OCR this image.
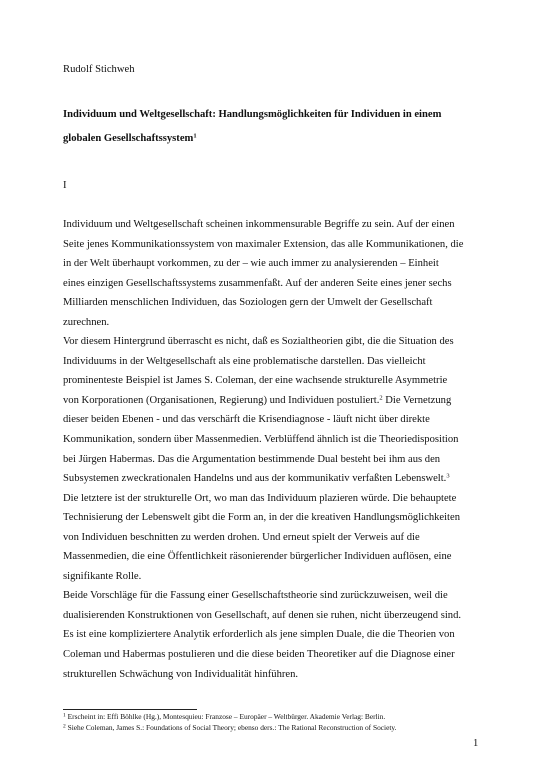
Rudolf Stichweh
Individuum und Weltgesellschaft: Handlungsmöglichkeiten für Individuen in einem
globalen Gesellschaftssystem$^1$
I
Individuum und Weltgesellschaft scheinen inkommensurable Begriffe zu sein. Auf der einen
Seite jenes Kommunikationssystem von maximaler Extension, das alle Kommunikationen, die
in der Welt überhaupt vorkommen, zu der – wie auch immer zu analysierenden – Einheit
eines einzigen Gesellschaftssystems zusammenfaßt. Auf der anderen Seite eines jener sechs
Milliarden menschlichen Individuen, das Soziologen gern der Umwelt der Gesellschaft
zurechnen.
Vor diesem Hintergrund überrascht es nicht, daß es Sozialtheorien gibt, die die Situation des
Individuums in der Weltgesellschaft als eine problematische darstellen. Das vielleicht
prominenteste Beispiel ist James S. Coleman, der eine wachsende strukturelle Asymmetrie
von Korporationen (Organisationen, Regierung) und Individuen postuliert.$^2$ Die Vernetzung
dieser beiden Ebenen - und das verschärft die Krisendiagnose - läuft nicht über direkte
Kommunikation, sondern über Massenmedien. Verblüffend ähnlich ist die Theoriedisposition
bei Jürgen Habermas. Das die Argumentation bestimmende Dual besteht bei ihm aus den
Subsystemen zweckrationalen Handelns und aus der kommunikativ verfaßten Lebenswelt.$^3$
Die letztere ist der strukturelle Ort, wo man das Individuum plazieren würde. Die behauptete
Technisierung der Lebenswelt gibt die Form an, in der die kreativen Handlungsmöglichkeiten
von Individuen beschnitten zu werden drohen. Und erneut spielt der Verweis auf die
Massenmedien, die eine Öffentlichkeit räsonierender bürgerlicher Individuen auflösen, eine
signifikante Rolle.
Beide Vorschläge für die Fassung einer Gesellschaftstheorie sind zurückzuweisen, weil die
dualisierenden Konstruktionen von Gesellschaft, auf denen sie ruhen, nicht überzeugend sind.
Es ist eine kompliziertere Analytik erforderlich als jene simplen Duale, die die Theorien von
Coleman und Habermas postulieren und die diese beiden Theoretiker auf die Diagnose einer
strukturellen Schwächung von Individualität hinführen.
$^1$ Erscheint in: Effi Böhlke (Hg.), Montesquieu: Franzose – Europäer – Weltbürger. Akademie Verlag: Berlin.
$^2$ Siehe Coleman, James S.: Foundations of Social Theory; ebenso ders.: The Rational Reconstruction of Society.
1
